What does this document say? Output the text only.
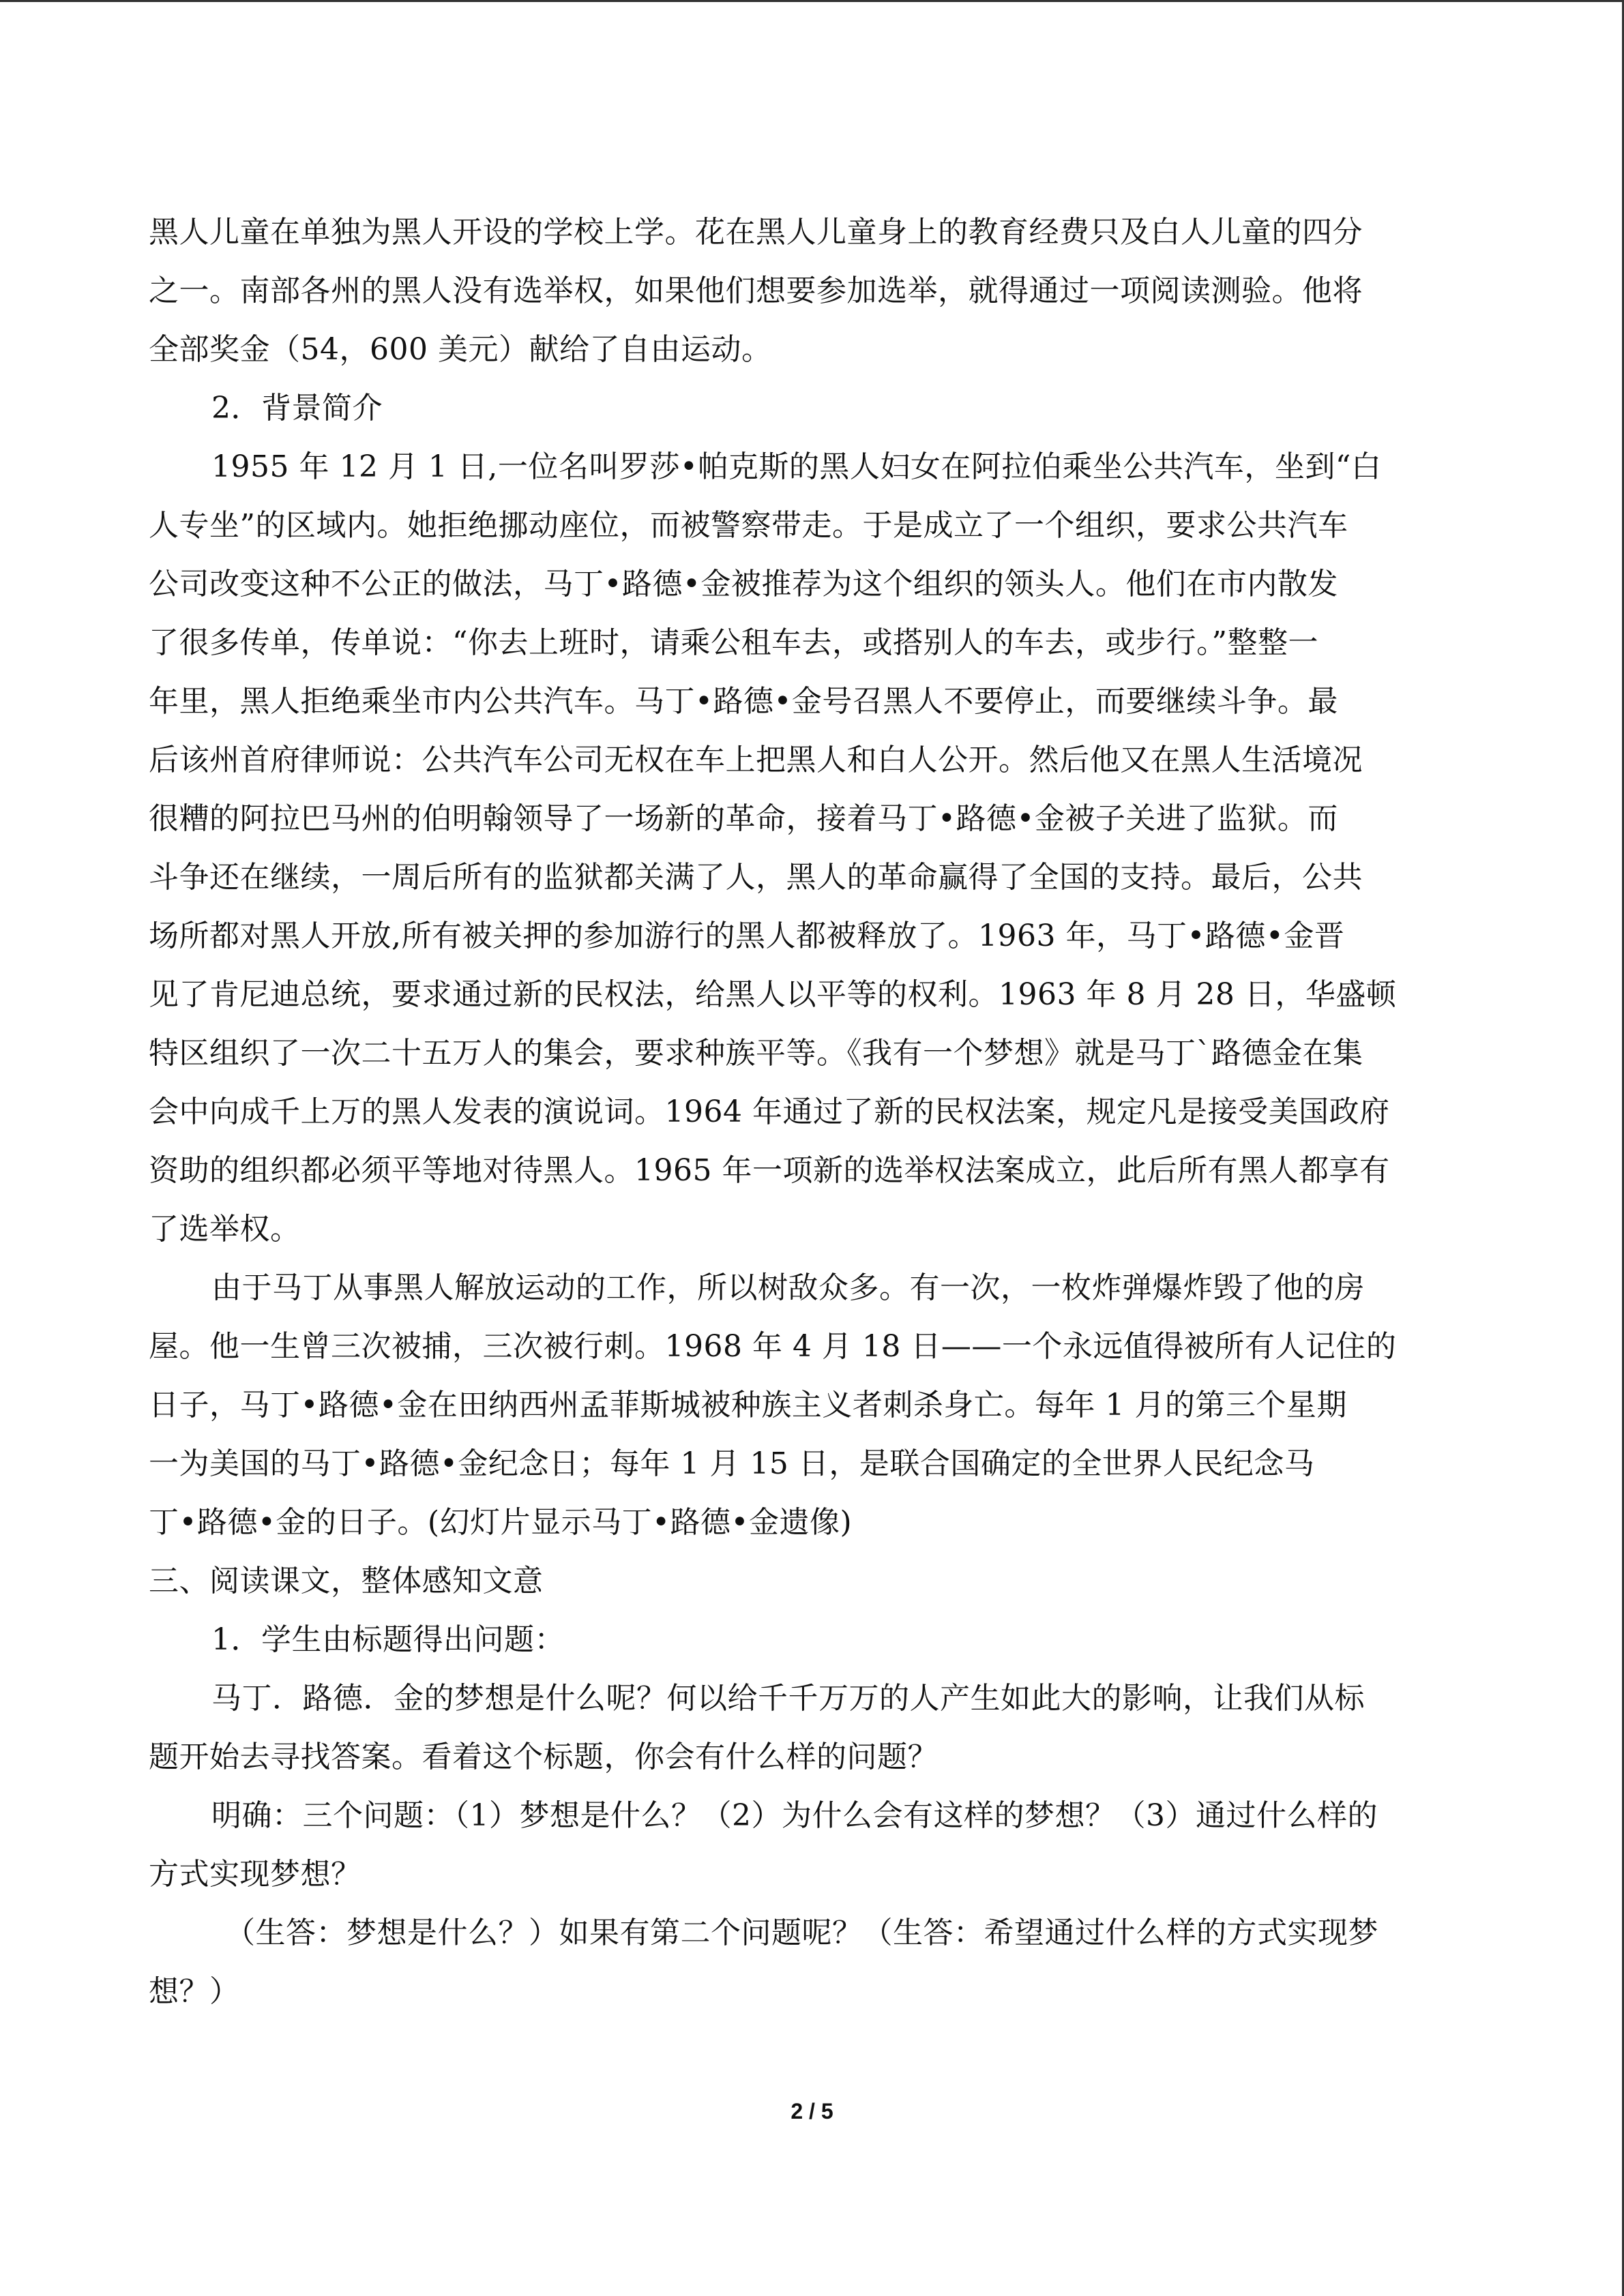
黑人儿童在单独为黑人开设的学校上学。花在黑人儿童身上的教育经费只及白人儿童的四分
之一。南部各州的黑人没有选举权，如果他们想要参加选举，就得通过一项阅读测验。他将
全部奖金（54，600 美元）献给了自由运动。
2．背景简介
1955 年 12 月 1 日,一位名叫罗莎•帕克斯的黑人妇女在阿拉伯乘坐公共汽车，坐到“白
人专坐”的区域内。她拒绝挪动座位，而被警察带走。于是成立了一个组织，要求公共汽车
公司改变这种不公正的做法，马丁•路德•金被推荐为这个组织的领头人。他们在市内散发
了很多传单，传单说：“你去上班时，请乘公租车去，或搭别人的车去，或步行。”整整一
年里，黑人拒绝乘坐市内公共汽车。马丁•路德•金号召黑人不要停止，而要继续斗争。最
后该州首府律师说：公共汽车公司无权在车上把黑人和白人公开。然后他又在黑人生活境况
很糟的阿拉巴马州的伯明翰领导了一场新的革命，接着马丁•路德•金被子关进了监狱。而
斗争还在继续，一周后所有的监狱都关满了人，黑人的革命赢得了全国的支持。最后，公共
场所都对黑人开放,所有被关押的参加游行的黑人都被释放了。1963 年，马丁•路德•金晋
见了肯尼迪总统，要求通过新的民权法，给黑人以平等的权利。1963 年 8 月 28 日，华盛顿
特区组织了一次二十五万人的集会，要求种族平等。《我有一个梦想》就是马丁`路德金在集
会中向成千上万的黑人发表的演说词。1964 年通过了新的民权法案，规定凡是接受美国政府
资助的组织都必须平等地对待黑人。1965 年一项新的选举权法案成立，此后所有黑人都享有
了选举权。
由于马丁从事黑人解放运动的工作，所以树敌众多。有一次，一枚炸弹爆炸毁了他的房
屋。他一生曾三次被捕，三次被行刺。1968 年 4 月 18 日——一个永远值得被所有人记住的
日子，马丁•路德•金在田纳西州孟菲斯城被种族主义者刺杀身亡。每年 1 月的第三个星期
一为美国的马丁•路德•金纪念日；每年 1 月 15 日，是联合国确定的全世界人民纪念马
丁•路德•金的日子。(幻灯片显示马丁•路德•金遗像)
三、阅读课文，整体感知文意
1．学生由标题得出问题：
马丁．路德．金的梦想是什么呢？何以给千千万万的人产生如此大的影响，让我们从标
题开始去寻找答案。看着这个标题，你会有什么样的问题？
明确：三个问题：（1）梦想是什么？（2）为什么会有这样的梦想？（3）通过什么样的
方式实现梦想？
（生答：梦想是什么？）如果有第二个问题呢？（生答：希望通过什么样的方式实现梦
想？）
2 / 5
